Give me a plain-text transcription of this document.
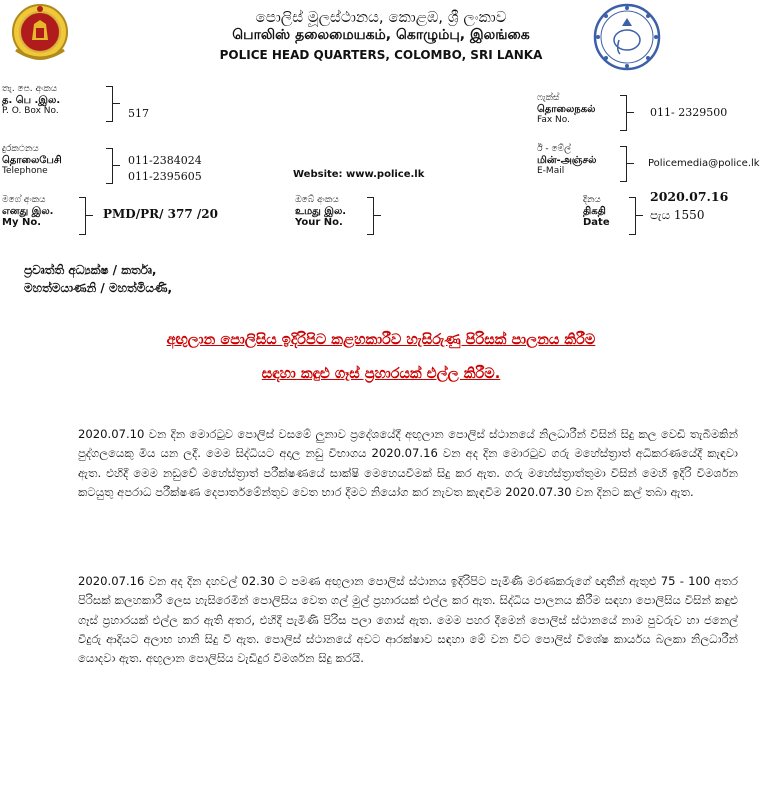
පොලිස් මූලස්ථානය, කොළඹ, ශ්‍රී ලංකාව
பொலிஸ் தலைமையகம், கொழும்பு, இலங்கை
POLICE HEAD QUARTERS, COLOMBO, SRI LANKA
තැ. පෙ. අංකය
த. பெ .இல.
P. O. Box No.	517
දුරකථනය
தொலைபேசி
Telephone
011-2384024
011-2395605	Website: www.police.lk
ෆැක්ස්
தொலைநகல்
Fax No.
011- 2329500
ඊ - මේල්
மின்-அஞ்சல்
E-Mail
Policemedia@police.lk
මගේ අංකය
எனது இல.
My No.
PMD/PR/ 377 /20
ඔබේ අංකය
உமது இல.
Your No.
දිනය
திகதி
Date
2020.07.16
පැය 1550
ප්‍රවෘත්ති අධ්‍යක්ෂ / කර්තෘ,
මහත්මයාණනි / මහත්මියණි,
අඟුලාන පොලිසිය ඉදිරිපිට කළහකාරීව හැසිරුණු පිරිසක් පාලනය කිරීම
සඳහා කඳුළු ගෑස් ප්‍රහාරයක් එල්ල කිරීම.
2020.07.10 වන දින මොරටුව පොලිස් වසමේ ලුනාව ප්‍රදේශයේදී අඟුලාන පොලිස් ස්ථානයේ නිලධාරීන් විසින් සිදු කල වෙඩි තැබීමකින් පුද්ගලයෙකු මිය යන ලදී. මෙම සිද්ධියට අදාල නඩු විභාගය 2020.07.16 වන අද දින මොරටුව ගරු මහේස්ත්‍රාත් අධිකරණයේදී කැඳවා ඇත. එහිදී මෙම නඩුවේ මහේස්ත්‍රාත් පරීක්ෂණයේ සාක්ෂි මෙහෙයවීමක් සිදු කර ඇත. ගරු මහේස්ත්‍රාත්තුමා විසින් මෙහි ඉදිරි විමර්ශන කටයුතු අපරාධ පරීක්ෂණ දෙපාර්තමේන්තුව වෙත භාර දීමට නියෝග කර නැවත කැඳවීම 2020.07.30 වන දිනට කල් තබා ඇත.
2020.07.16 වන අද දින දහවල් 02.30 ට පමණ අඟුලාන පොලිස් ස්ථානය ඉදිරිපිට පැමිණි මරණකරුගේ ඥාතීන් ඇතුළු 75 - 100 අතර පිරිසක් කලහකාරී ලෙස හැසිරෙමින් පොලිසිය වෙත ගල් මුල් ප්‍රහාරයක් එල්ල කර ඇත. සිද්ධිය පාලනය කිරීම සඳහා පොලිසිය විසින් කඳුළු ගෑස් ප්‍රහාරයක් එල්ල කර ඇති අතර, එහිදී පැමිණි පිරිස පලා ගොස් ඇත. මෙම පහර දීමෙන් පොලිස් ස්ථානයේ නාම පුවරුව හා ජනෙල් වීදුරු ආදියට අලාභ හානි සිදු වී ඇත. පොලිස් ස්ථානයේ අවට ආරක්ෂාව සඳහා මේ වන විට පොලිස් විශේෂ කාර්යය බලකා නිලධාරීන් යොදවා ඇත. අඟුලාන පොලිසිය වැඩිදුර විමර්ශන සිදු කරයි.
